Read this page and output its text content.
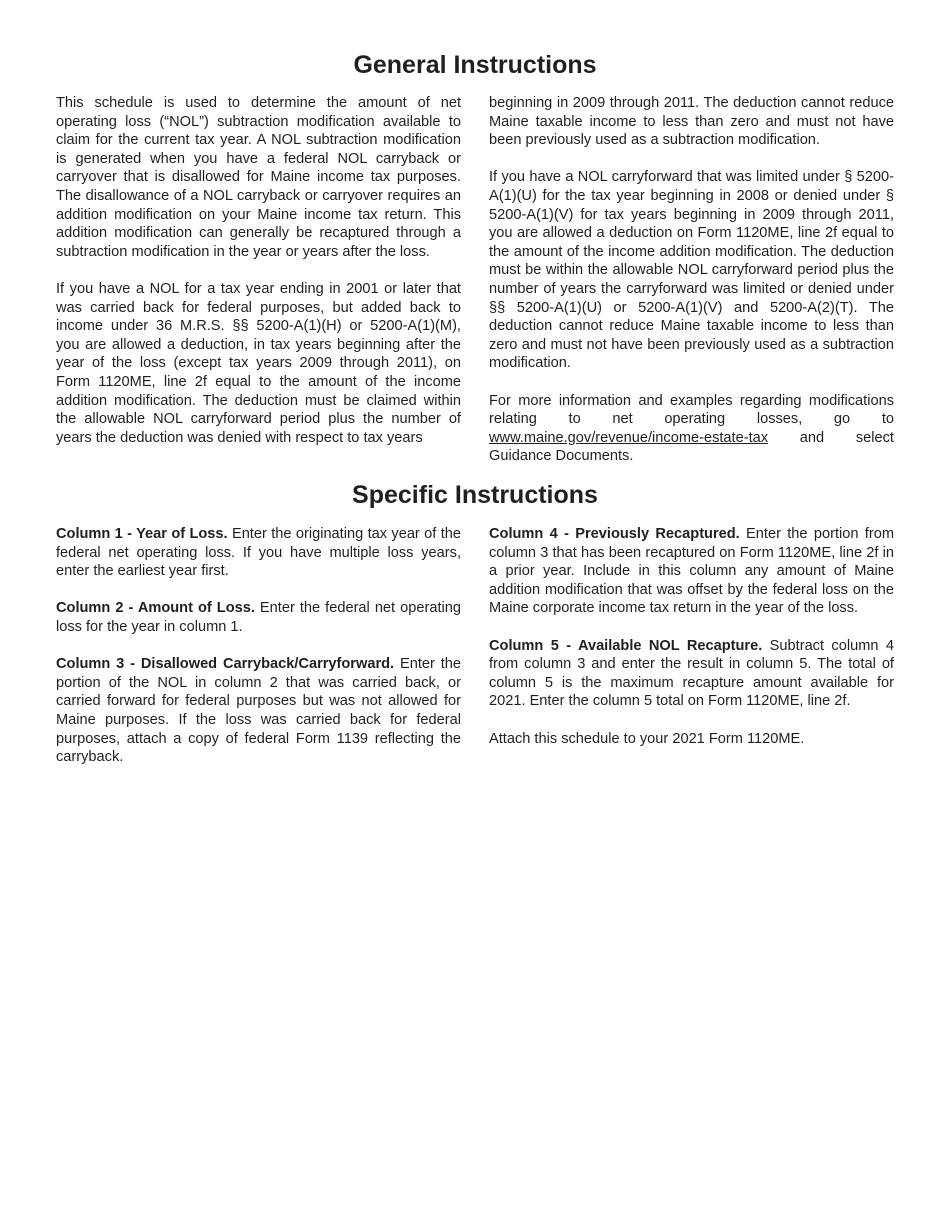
General Instructions

This schedule is used to determine the amount of net operating loss (“NOL”) subtraction modification available to claim for the current tax year. A NOL subtraction modification is generated when you have a federal NOL carryback or carryover that is disallowed for Maine income tax purposes. The disallowance of a NOL carryback or carryover requires an addition modification on your Maine income tax return. This addition modification can generally be recaptured through a subtraction modification in the year or years after the loss.

If you have a NOL for a tax year ending in 2001 or later that was carried back for federal purposes, but added back to income under 36 M.R.S. §§ 5200-A(1)(H) or 5200-A(1)(M), you are allowed a deduction, in tax years beginning after the year of the loss (except tax years 2009 through 2011), on Form 1120ME, line 2f equal to the amount of the income addition modification. The deduction must be claimed within the allowable NOL carryforward period plus the number of years the deduction was denied with respect to tax years

beginning in 2009 through 2011. The deduction cannot reduce Maine taxable income to less than zero and must not have been previously used as a subtraction modification.

If you have a NOL carryforward that was limited under § 5200-A(1)(U) for the tax year beginning in 2008 or denied under § 5200-A(1)(V) for tax years beginning in 2009 through 2011, you are allowed a deduction on Form 1120ME, line 2f equal to the amount of the income addition modification. The deduction must be within the allowable NOL carryforward period plus the number of years the carryforward was limited or denied under §§ 5200-A(1)(U) or 5200-A(1)(V) and 5200-A(2)(T). The deduction cannot reduce Maine taxable income to less than zero and must not have been previously used as a subtraction modification.

For more information and examples regarding modifications relating to net operating losses, go to www.maine.gov/revenue/income-estate-tax and select Guidance Documents.

Specific Instructions

Column 1 - Year of Loss. Enter the originating tax year of the federal net operating loss. If you have multiple loss years, enter the earliest year first.

Column 2 - Amount of Loss. Enter the federal net operating loss for the year in column 1.

Column 3 - Disallowed Carryback/Carryforward. Enter the portion of the NOL in column 2 that was carried back, or carried forward for federal purposes but was not allowed for Maine purposes. If the loss was carried back for federal purposes, attach a copy of federal Form 1139 reflecting the carryback.

Column 4 - Previously Recaptured. Enter the portion from column 3 that has been recaptured on Form 1120ME, line 2f in a prior year. Include in this column any amount of Maine addition modification that was offset by the federal loss on the Maine corporate income tax return in the year of the loss.

Column 5 - Available NOL Recapture. Subtract column 4 from column 3 and enter the result in column 5. The total of column 5 is the maximum recapture amount available for 2021. Enter the column 5 total on Form 1120ME, line 2f.

Attach this schedule to your 2021 Form 1120ME.
